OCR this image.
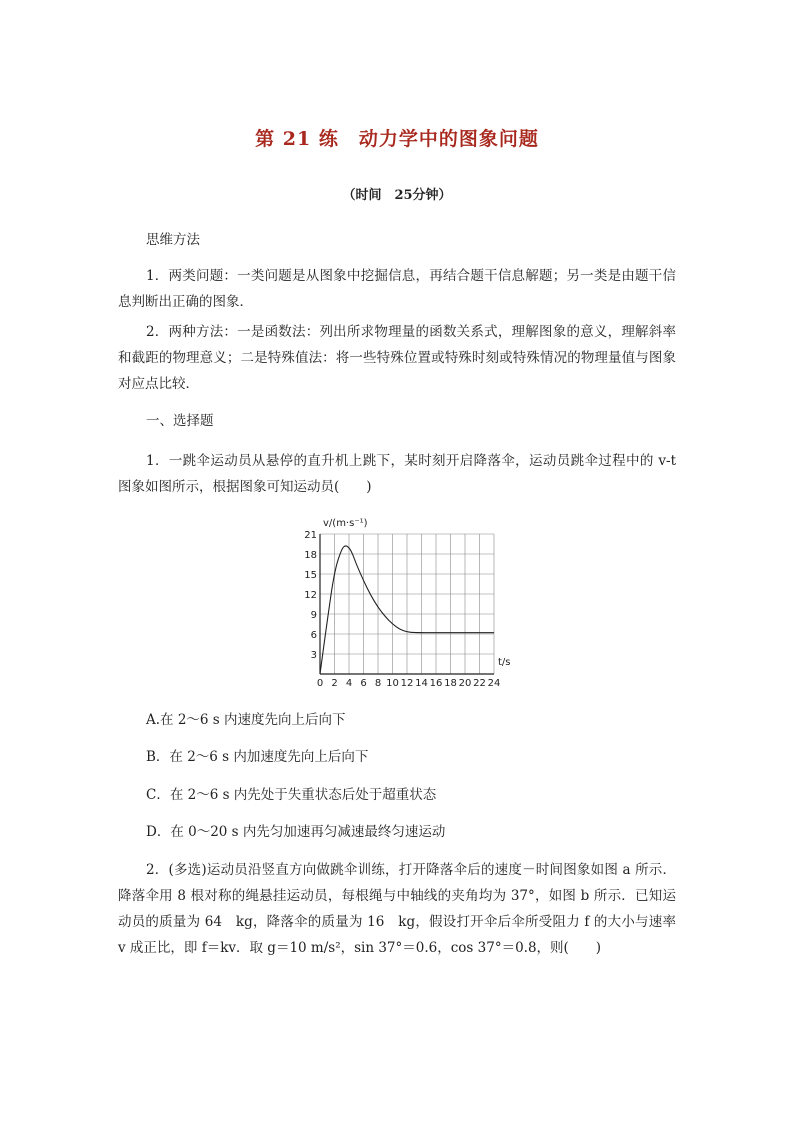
第 21 练　动力学中的图象问题
（时间　25分钟）
思维方法
1．两类问题：一类问题是从图象中挖掘信息，再结合题干信息解题；另一类是由题干信息判断出正确的图象．
2．两种方法：一是函数法：列出所求物理量的函数关系式，理解图象的意义，理解斜率和截距的物理意义；二是特殊值法：将一些特殊位置或特殊时刻或特殊情况的物理量值与图象对应点比较．
一、选择题
1．一跳伞运动员从悬停的直升机上跳下，某时刻开启降落伞，运动员跳伞过程中的 v-t 图象如图所示，根据图象可知运动员(　　)
0 2 4 6 8 10 12 14 16 18 20 22 24
3
6
9
12
15
18
21
v/(m·s⁻¹)
t/s
A.在 2～6 s 内速度先向上后向下
B．在 2～6 s 内加速度先向上后向下
C．在 2～6 s 内先处于失重状态后处于超重状态
D．在 0～20 s 内先匀加速再匀减速最终匀速运动
2．(多选)运动员沿竖直方向做跳伞训练，打开降落伞后的速度－时间图象如图 a 所示．降落伞用 8 根对称的绳悬挂运动员，每根绳与中轴线的夹角均为 37°，如图 b 所示．已知运动员的质量为 64　kg，降落伞的质量为 16　kg，假设打开伞后伞所受阻力 f 的大小与速率 v 成正比，即 f＝kv．取 g＝10 m/s²，sin 37°＝0.6，cos 37°＝0.8，则(　　)
